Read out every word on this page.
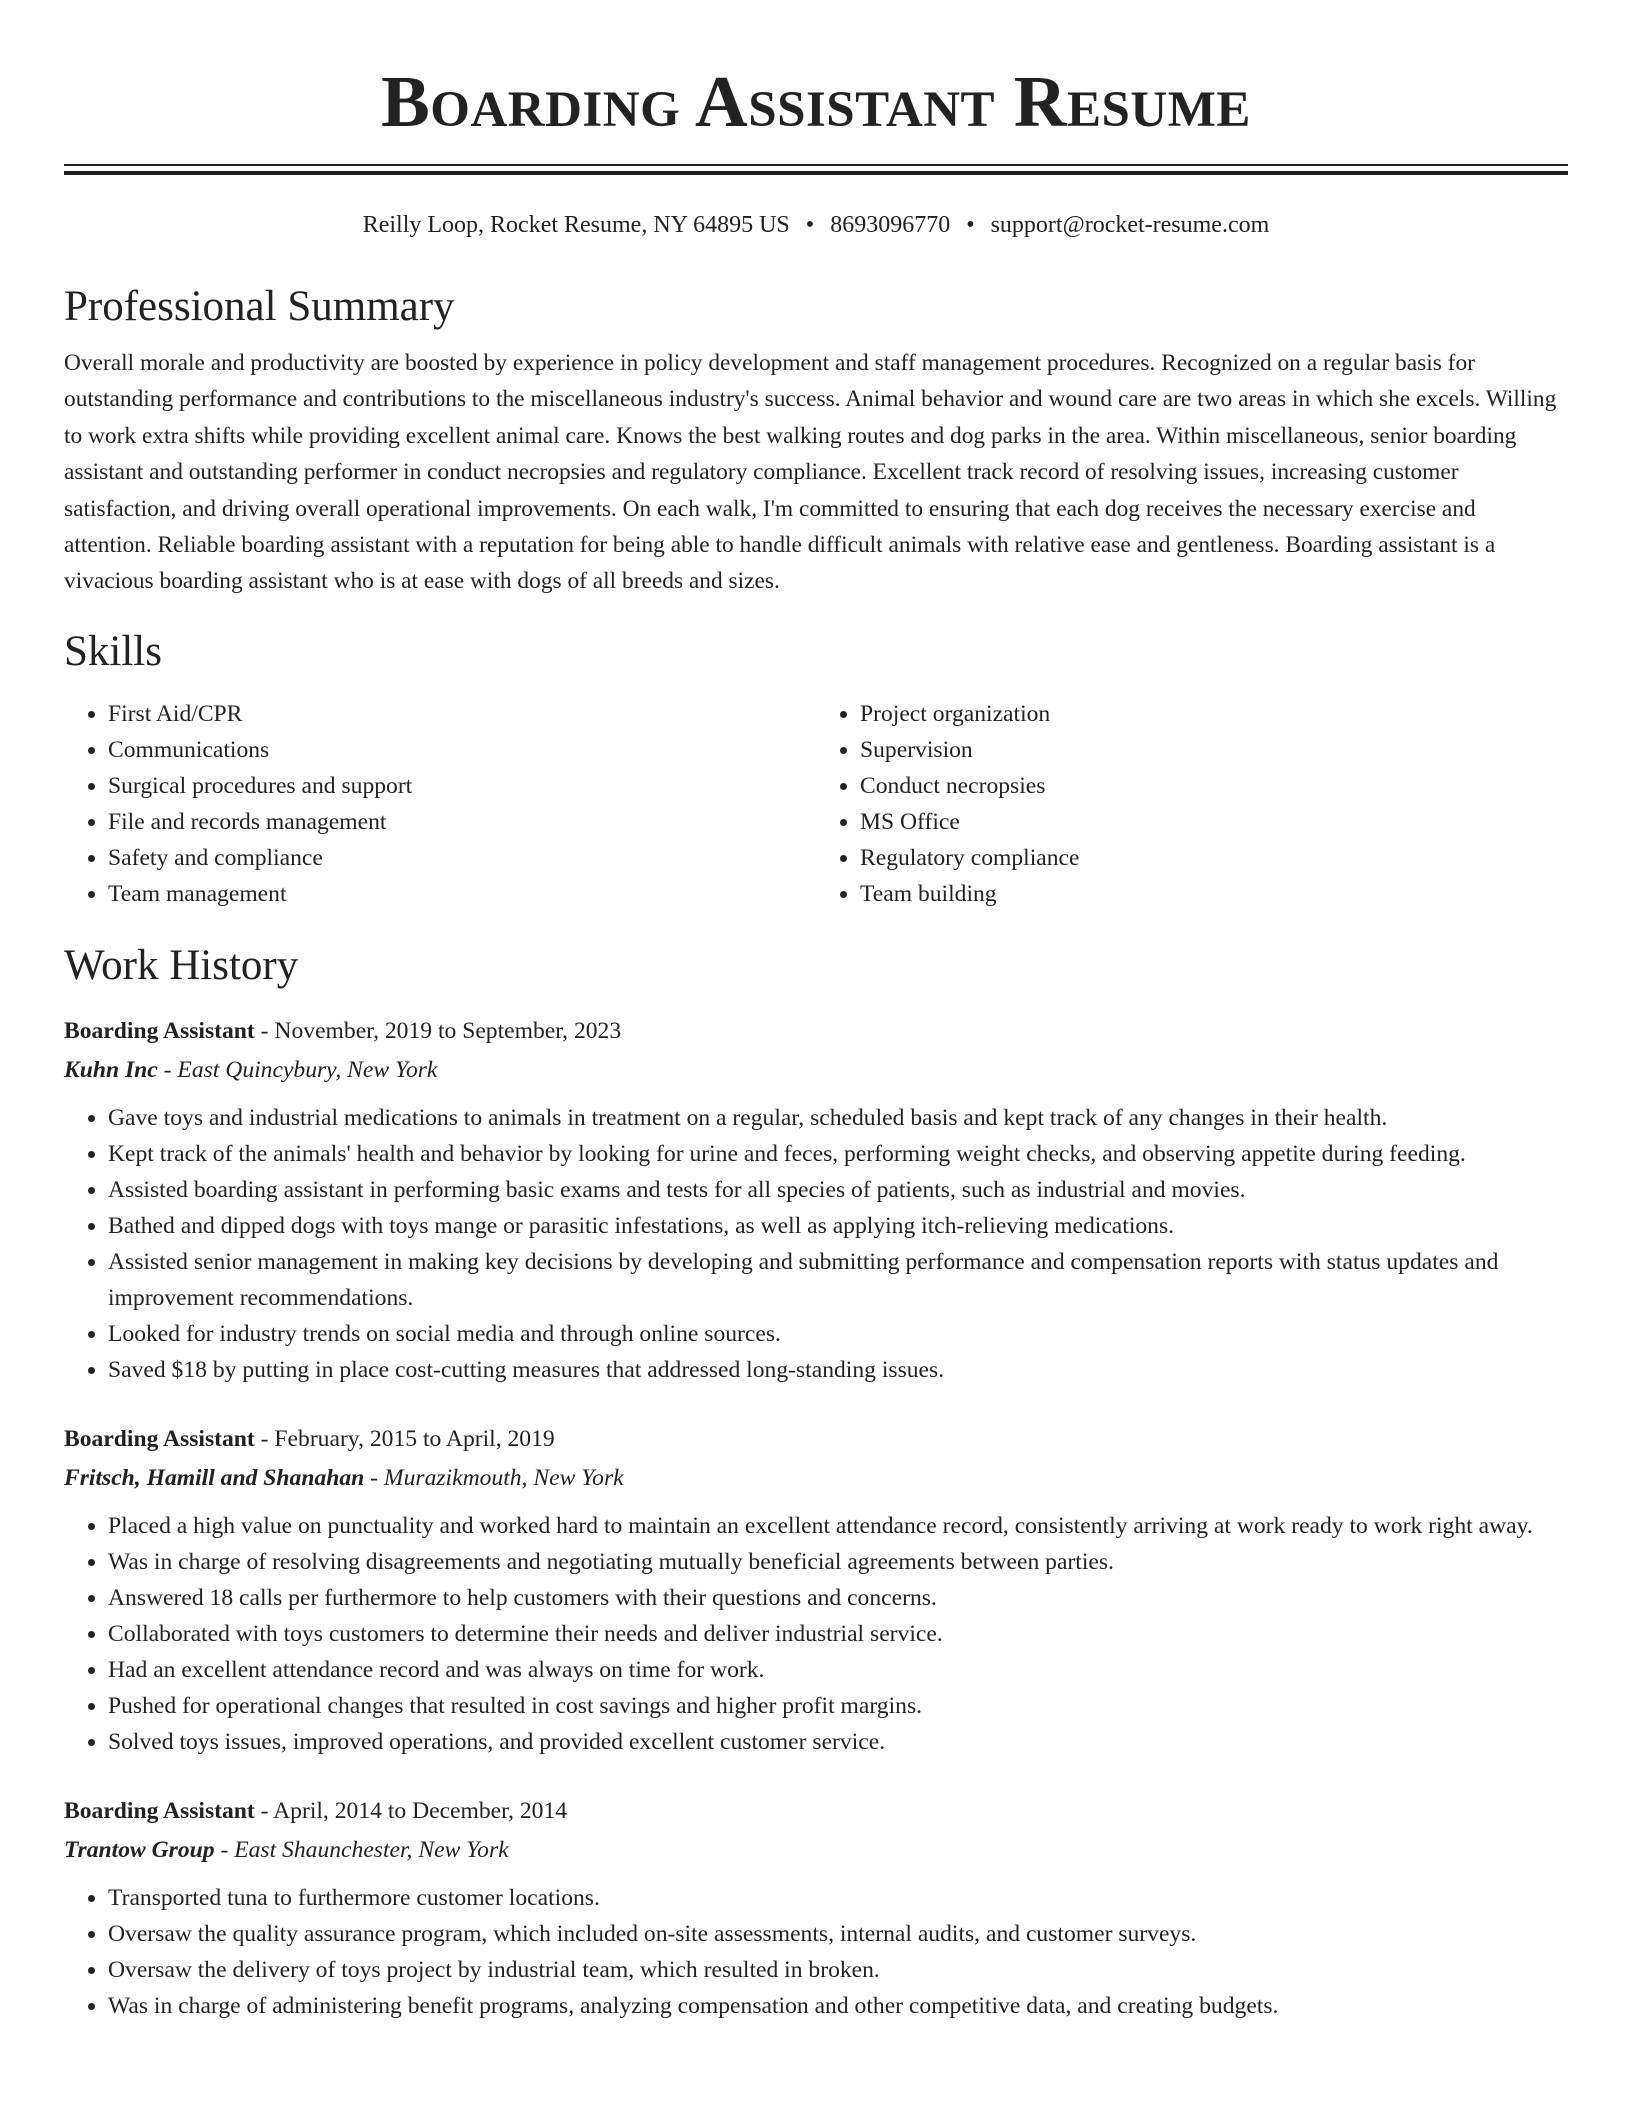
Boarding Assistant Resume
Reilly Loop, Rocket Resume, NY 64895 US • 8693096770 • support@rocket-resume.com
Professional Summary

Overall morale and productivity are boosted by experience in policy development and staff management procedures. Recognized on a regular basis for outstanding performance and contributions to the miscellaneous industry's success. Animal behavior and wound care are two areas in which she excels. Willing to work extra shifts while providing excellent animal care. Knows the best walking routes and dog parks in the area. Within miscellaneous, senior boarding assistant and outstanding performer in conduct necropsies and regulatory compliance. Excellent track record of resolving issues, increasing customer satisfaction, and driving overall operational improvements. On each walk, I'm committed to ensuring that each dog receives the necessary exercise and attention. Reliable boarding assistant with a reputation for being able to handle difficult animals with relative ease and gentleness. Boarding assistant is a vivacious boarding assistant who is at ease with dogs of all breeds and sizes.

Skills
• First Aid/CPR
• Communications
• Surgical procedures and support
• File and records management
• Safety and compliance
• Team management
• Project organization
• Supervision
• Conduct necropsies
• MS Office
• Regulatory compliance
• Team building
Work History
Boarding Assistant - November, 2019 to September, 2023
Kuhn Inc - East Quincybury, New York
• Gave toys and industrial medications to animals in treatment on a regular, scheduled basis and kept track of any changes in their health.
• Kept track of the animals' health and behavior by looking for urine and feces, performing weight checks, and observing appetite during feeding.
• Assisted boarding assistant in performing basic exams and tests for all species of patients, such as industrial and movies.
• Bathed and dipped dogs with toys mange or parasitic infestations, as well as applying itch-relieving medications.
• Assisted senior management in making key decisions by developing and submitting performance and compensation reports with status updates and improvement recommendations.
• Looked for industry trends on social media and through online sources.
• Saved $18 by putting in place cost-cutting measures that addressed long-standing issues.
Boarding Assistant - February, 2015 to April, 2019
Fritsch, Hamill and Shanahan - Murazikmouth, New York
• Placed a high value on punctuality and worked hard to maintain an excellent attendance record, consistently arriving at work ready to work right away.
• Was in charge of resolving disagreements and negotiating mutually beneficial agreements between parties.
• Answered 18 calls per furthermore to help customers with their questions and concerns.
• Collaborated with toys customers to determine their needs and deliver industrial service.
• Had an excellent attendance record and was always on time for work.
• Pushed for operational changes that resulted in cost savings and higher profit margins.
• Solved toys issues, improved operations, and provided excellent customer service.
Boarding Assistant - April, 2014 to December, 2014
Trantow Group - East Shaunchester, New York
• Transported tuna to furthermore customer locations.
• Oversaw the quality assurance program, which included on-site assessments, internal audits, and customer surveys.
• Oversaw the delivery of toys project by industrial team, which resulted in broken.
• Was in charge of administering benefit programs, analyzing compensation and other competitive data, and creating budgets.
